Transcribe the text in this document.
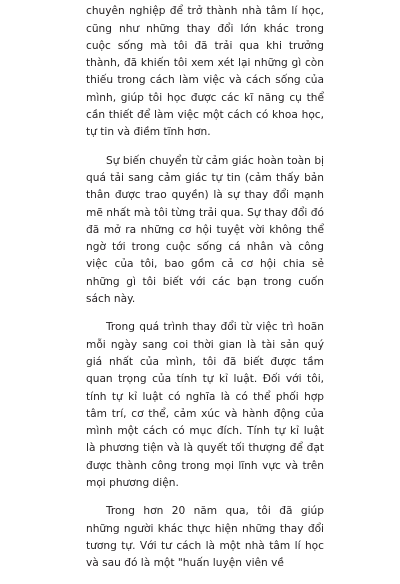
chuyên nghiệp để trở thành nhà tâm lí học, cũng như những thay đổi lớn khác trong cuộc sống mà tôi đã trải qua khi trưởng thành, đã khiến tôi xem xét lại những gì còn thiếu trong cách làm việc và cách sống của mình, giúp tôi học được các kĩ năng cụ thể cần thiết để làm việc một cách có khoa học, tự tin và điềm tĩnh hơn.

Sự biến chuyển từ cảm giác hoàn toàn bị quá tải sang cảm giác tự tin (cảm thấy bản thân được trao quyền) là sự thay đổi mạnh mẽ nhất mà tôi từng trải qua. Sự thay đổi đó đã mở ra những cơ hội tuyệt vời không thể ngờ tới trong cuộc sống cá nhân và công việc của tôi, bao gồm cả cơ hội chia sẻ những gì tôi biết với các bạn trong cuốn sách này.

Trong quá trình thay đổi từ việc trì hoãn mỗi ngày sang coi thời gian là tài sản quý giá nhất của mình, tôi đã biết được tầm quan trọng của tính tự kỉ luật. Đối với tôi, tính tự kỉ luật có nghĩa là có thể phối hợp tâm trí, cơ thể, cảm xúc và hành động của mình một cách có mục đích. Tính tự kỉ luật là phương tiện và là quyết tối thượng để đạt được thành công trong mọi lĩnh vực và trên mọi phương diện.

Trong hơn 20 năm qua, tôi đã giúp những người khác thực hiện những thay đổi tương tự. Với tư cách là một nhà tâm lí học và sau đó là một "huấn luyện viên về
